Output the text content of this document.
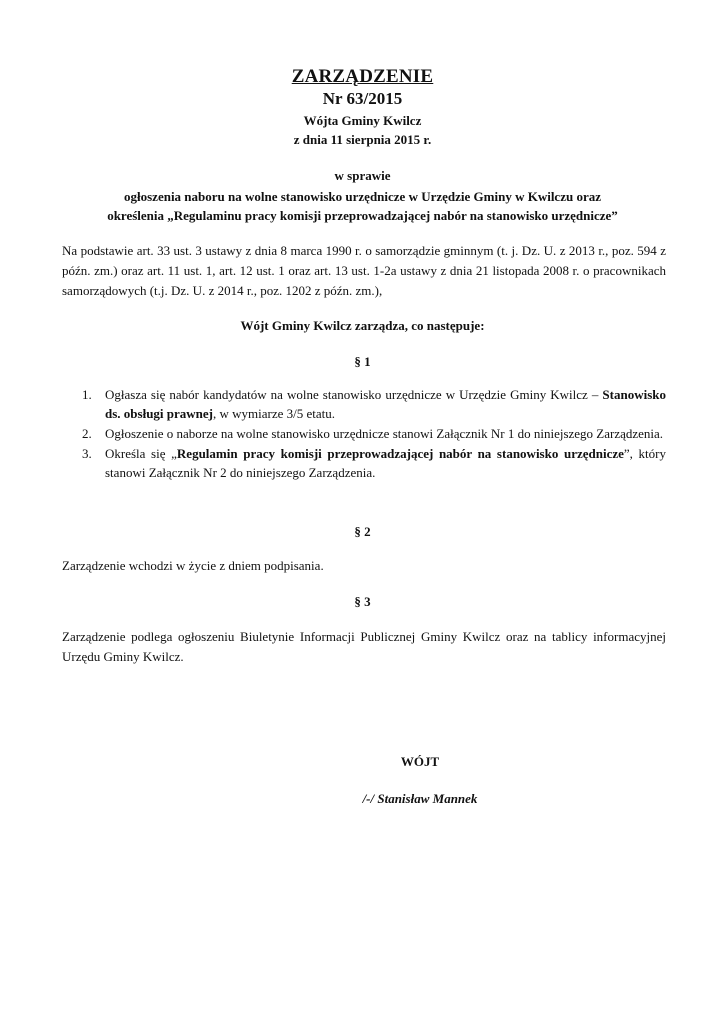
ZARZĄDZENIE
Nr 63/2015
Wójta Gminy Kwilcz
z dnia 11 sierpnia 2015 r.
w sprawie
ogłoszenia naboru na wolne stanowisko urzędnicze w Urzędzie Gminy w Kwilczu oraz
określenia „Regulaminu pracy komisji przeprowadzającej nabór na stanowisko urzędnicze”
Na podstawie art. 33 ust. 3 ustawy z dnia 8 marca 1990 r. o samorządzie gminnym (t. j. Dz. U. z 2013 r., poz. 594 z późn. zm.) oraz art. 11 ust. 1, art. 12 ust. 1 oraz art. 13 ust. 1-2a ustawy z dnia 21 listopada 2008 r. o pracownikach samorządowych (t.j. Dz. U. z 2014 r., poz. 1202 z późn. zm.),
Wójt Gminy Kwilcz zarządza, co następuje:
§ 1
1. Ogłasza się nabór kandydatów na wolne stanowisko urzędnicze w Urzędzie Gminy Kwilcz – Stanowisko ds. obsługi prawnej, w wymiarze 3/5 etatu.
2. Ogłoszenie o naborze na wolne stanowisko urzędnicze stanowi Załącznik Nr 1 do niniejszego Zarządzenia.
3. Określa się „Regulamin pracy komisji przeprowadzającej nabór na stanowisko urzędnicze”, który stanowi Załącznik Nr 2 do niniejszego Zarządzenia.
§ 2
Zarządzenie wchodzi w życie z dniem podpisania.
§ 3
Zarządzenie podlega ogłoszeniu Biuletynie Informacji Publicznej Gminy Kwilcz oraz na tablicy informacyjnej Urzędu Gminy Kwilcz.
WÓJT
/-/ Stanisław Mannek
